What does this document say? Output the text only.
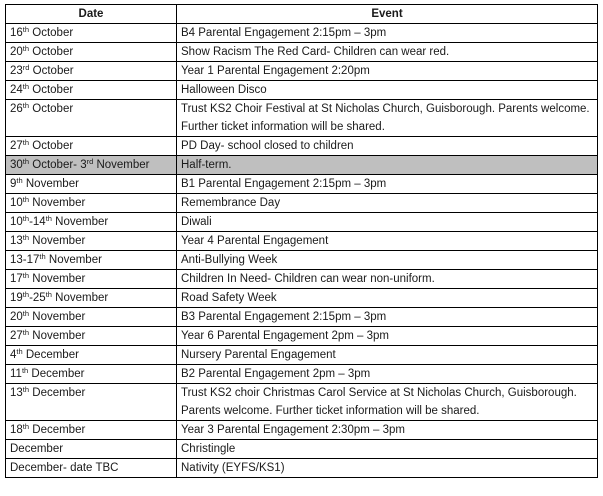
Date	Event
16th October	B4 Parental Engagement 2:15pm – 3pm
20th October	Show Racism The Red Card- Children can wear red.
23rd October	Year 1 Parental Engagement 2:20pm
24th October	Halloween Disco
26th October	Trust KS2 Choir Festival at St Nicholas Church, Guisborough. Parents welcome. Further ticket information will be shared.
27th October	PD Day- school closed to children
30th October- 3rd November	Half-term.
9th November	B1 Parental Engagement 2:15pm – 3pm
10th November	Remembrance Day
10th-14th November	Diwali
13th November	Year 4 Parental Engagement
13-17th November	Anti-Bullying Week
17th November	Children In Need- Children can wear non-uniform.
19th-25th November	Road Safety Week
20th November	B3 Parental Engagement 2:15pm – 3pm
27th November	Year 6 Parental Engagement 2pm – 3pm
4th December	Nursery Parental Engagement
11th December	B2 Parental Engagement 2pm – 3pm
13th December	Trust KS2 choir Christmas Carol Service at St Nicholas Church, Guisborough. Parents welcome. Further ticket information will be shared.
18th December	Year 3 Parental Engagement 2:30pm – 3pm
December	Christingle
December- date TBC	Nativity (EYFS/KS1)
